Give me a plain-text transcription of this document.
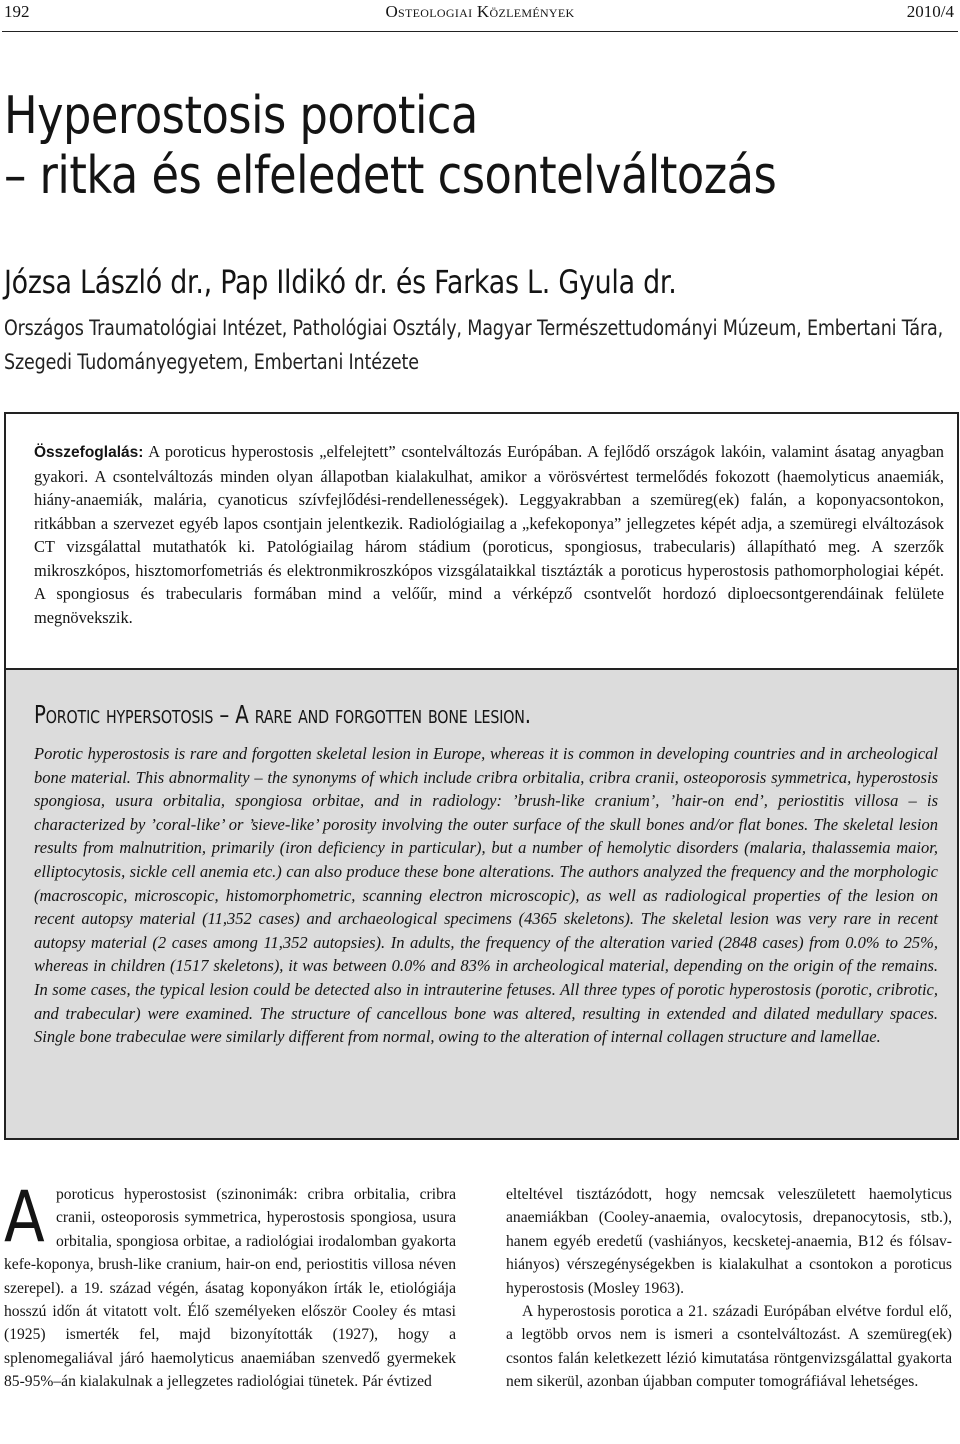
192	Osteologiai Közlemények	2010/4
Hyperostosis porotica
– ritka és elfeledett csontelváltozás
Józsa László dr., Pap Ildikó dr. és Farkas L. Gyula dr.
Országos Traumatológiai Intézet, Pathológiai Osztály, Magyar Természettudományi Múzeum, Embertani Tára,
Szegedi Tudományegyetem, Embertani Intézete

Összefoglalás: A poroticus hyperostosis „elfelejtett” csontelváltozás Európában. A fejlődő országok lakóin, valamint ásatag anyagban gyakori. A csontelváltozás minden olyan állapotban kialakulhat, amikor a vörösvértest termelődés fokozott (haemolyticus anaemiák, hiány-anaemiák, malária, cyanoticus szívfejlődési-rendellenességek). Leggyakrabban a szemüreg(ek) falán, a koponyacsontokon, ritkábban a szervezet egyéb lapos csontjain jelentkezik. Radiológiailag a „kefekoponya” jellegzetes képét adja, a szemüregi elváltozások CT vizsgálattal mutathatók ki. Patológiailag három stádium (poroticus, spongiosus, trabecularis) állapítható meg. A szerzők mikroszkópos, hisztomorfometriás és elektronmikroszkópos vizsgálataikkal tisztázták a poroticus hyperostosis pathomorphologiai képét. A spongiosus és trabecularis formában mind a velőűr, mind a vérképző csontvelőt hordozó diploecsontgerendáinak felülete megnövekszik.

Porotic hypersotosis – A rare and forgotten bone lesion.

Porotic hyperostosis is rare and forgotten skeletal lesion in Europe, whereas it is common in developing countries and in archeological bone material. This abnormality – the synonyms of which include cribra orbitalia, cribra cranii, osteoporosis symmetrica, hyperostosis spongiosa, usura orbitalia, spongiosa orbitae, and in radiology: ’brush-like cranium’, ’hair-on end’, periostitis villosa – is characterized by ’coral-like’ or ’sieve-like’ porosity involving the outer surface of the skull bones and/or flat bones. The skeletal lesion results from malnutrition, primarily (iron deficiency in particular), but a number of hemolytic disorders (malaria, thalassemia maior, elliptocytosis, sickle cell anemia etc.) can also produce these bone alterations. The authors analyzed the frequency and the morphologic (macroscopic, microscopic, histomorphometric, scanning electron microscopic), as well as radiological properties of the lesion on recent autopsy material (11,352 cases) and archaeological specimens (4365 skeletons). The skeletal lesion was very rare in recent autopsy material (2 cases among 11,352 autopsies). In adults, the frequency of the alteration varied (2848 cases) from 0.0% to 25%, whereas in children (1517 skeletons), it was between 0.0% and 83% in archeological material, depending on the origin of the remains. In some cases, the typical lesion could be detected also in intrauterine fetuses. All three types of porotic hyperostosis (porotic, cribrotic, and trabecular) were examined. The structure of cancellous bone was altered, resulting in extended and dilated medullary spaces. Single bone trabeculae were similarly different from normal, owing to the alteration of internal collagen structure and lamellae.

A poroticus hyperostosist (szinonimák: cribra orbitalia, cribra cranii, osteoporosis symmetrica, hyperostosis spongiosa, usura orbitalia, spongiosa orbitae, a radiológiai irodalomban gyakorta kefe-koponya, brush-like cranium, hair-on end, periostitis villosa néven szerepel). a 19. század végén, ásatag koponyákon írták le, etiológiája hosszú időn át vitatott volt. Élő személyeken először Cooley és mtasi (1925) ismerték fel, majd bizonyították (1927), hogy a splenomegaliával járó haemolyticus anaemiában szenvedő gyermekek 85-95%–án kialakulnak a jellegzetes radiológiai tünetek. Pár évtized

elteltével tisztázódott, hogy nemcsak veleszületett haemolyticus anaemiákban (Cooley-anaemia, ovalocytosis, drepanocytosis, stb.), hanem egyéb eredetű (vashiányos, kecsketej-anaemia, B12 és fólsav-hiányos) vérszegénységekben is kialakulhat a csontokon a poroticus hyperostosis (Mosley 1963).

A hyperostosis porotica a 21. századi Európában elvétve fordul elő, a legtöbb orvos nem is ismeri a csontelváltozást. A szemüreg(ek) csontos falán keletkezett lézió kimutatása röntgenvizsgálattal gyakorta nem sikerül, azonban újabban computer tomográfiával lehetséges.
